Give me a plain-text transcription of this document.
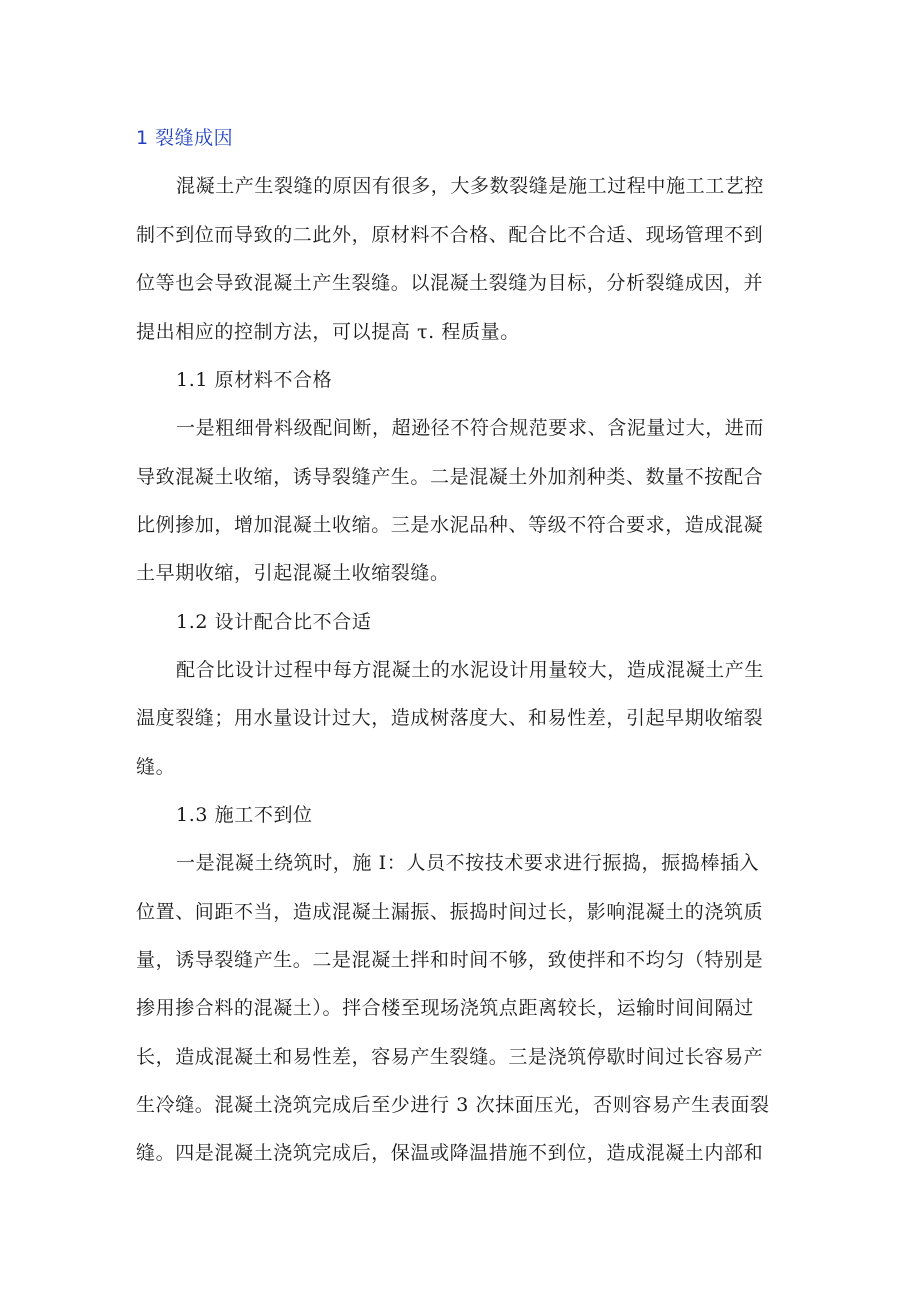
1 裂缝成因
混凝土产生裂缝的原因有很多，大多数裂缝是施工过程中施工工艺控
制不到位而导致的二此外，原材料不合格、配合比不合适、现场管理不到
位等也会导致混凝土产生裂缝。以混凝土裂缝为目标，分析裂缝成因，并
提出相应的控制方法，可以提高 τ. 程质量。
1.1 原材料不合格
一是粗细骨料级配间断，超逊径不符合规范要求、含泥量过大，进而
导致混凝土收缩，诱导裂缝产生。二是混凝土外加剂种类、数量不按配合
比例掺加，增加混凝土收缩。三是水泥品种、等级不符合要求，造成混凝
土早期收缩，引起混凝土收缩裂缝。
1.2 设计配合比不合适
配合比设计过程中每方混凝土的水泥设计用量较大，造成混凝土产生
温度裂缝；用水量设计过大，造成树落度大、和易性差，引起早期收缩裂
缝。
1.3 施工不到位
一是混凝土绕筑时，施 I：人员不按技术要求进行振捣，振捣棒插入
位置、间距不当，造成混凝土漏振、振捣时间过长，影响混凝土的浇筑质
量，诱导裂缝产生。二是混凝土拌和时间不够，致使拌和不均匀（特别是
掺用掺合料的混凝土）。拌合楼至现场浇筑点距离较长，运输时间间隔过
长，造成混凝土和易性差，容易产生裂缝。三是浇筑停歇时间过长容易产
生冷缝。混凝土浇筑完成后至少进行 3 次抹面压光，否则容易产生表面裂
缝。四是混凝土浇筑完成后，保温或降温措施不到位，造成混凝土内部和
